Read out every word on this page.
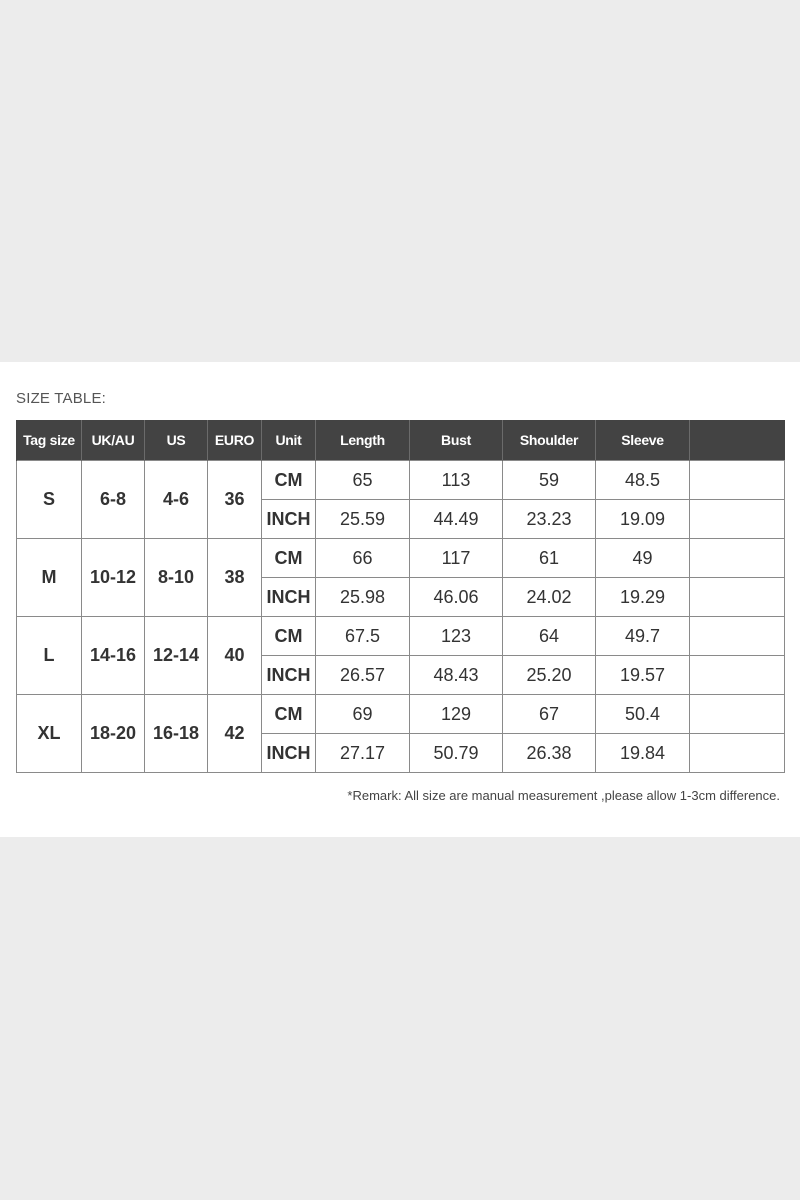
SIZE TABLE:
Tag size	UK/AU	US	EURO	Unit	Length	Bust	Shoulder	Sleeve	
S	6-8	4-6	36	CM	65	113	59	48.5	
				INCH	25.59	44.49	23.23	19.09	
M	10-12	8-10	38	CM	66	117	61	49	
				INCH	25.98	46.06	24.02	19.29	
L	14-16	12-14	40	CM	67.5	123	64	49.7	
				INCH	26.57	48.43	25.20	19.57	
XL	18-20	16-18	42	CM	69	129	67	50.4	
				INCH	27.17	50.79	26.38	19.84	
*Remark: All size are manual measurement ,please allow 1-3cm difference.
